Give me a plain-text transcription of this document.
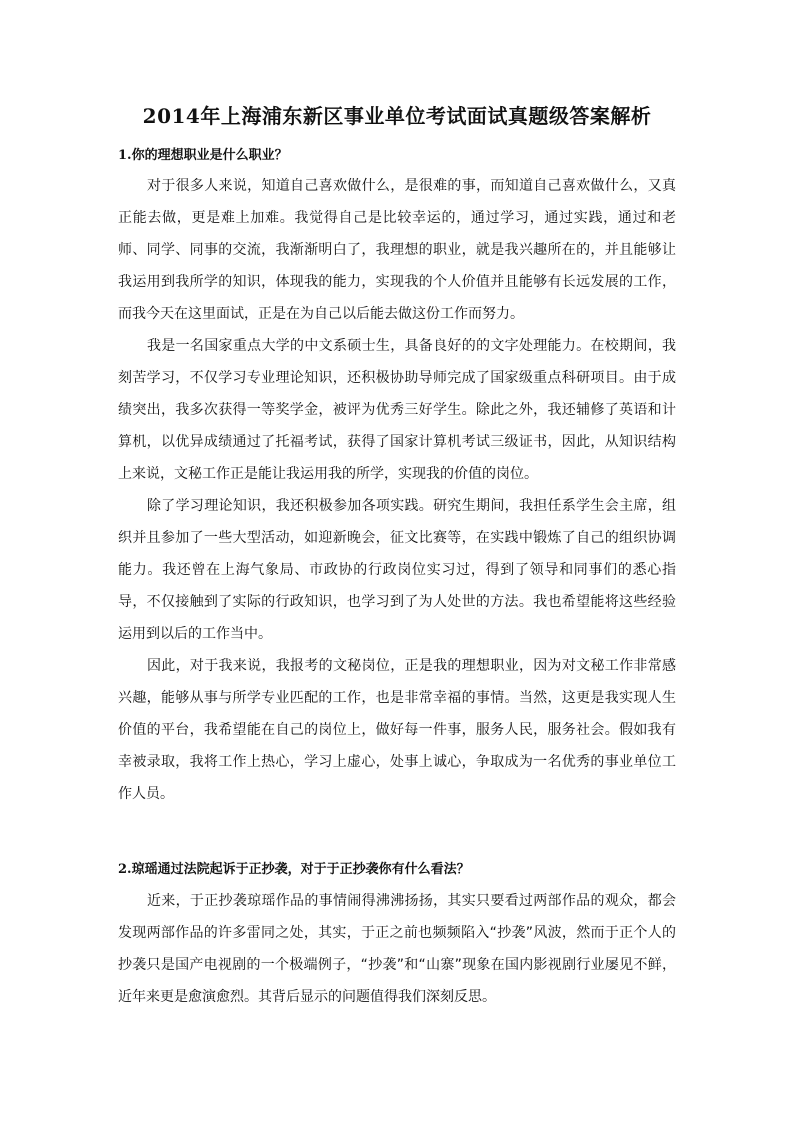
2014年上海浦东新区事业单位考试面试真题级答案解析
1.你的理想职业是什么职业？

对于很多人来说，知道自己喜欢做什么，是很难的事，而知道自己喜欢做什么，又真正能去做，更是难上加难。我觉得自己是比较幸运的，通过学习，通过实践，通过和老师、同学、同事的交流，我渐渐明白了，我理想的职业，就是我兴趣所在的，并且能够让我运用到我所学的知识，体现我的能力，实现我的个人价值并且能够有长远发展的工作，而我今天在这里面试，正是在为自己以后能去做这份工作而努力。

我是一名国家重点大学的中文系硕士生，具备良好的的文字处理能力。在校期间，我刻苦学习，不仅学习专业理论知识，还积极协助导师完成了国家级重点科研项目。由于成绩突出，我多次获得一等奖学金，被评为优秀三好学生。除此之外，我还辅修了英语和计算机，以优异成绩通过了托福考试，获得了国家计算机考试三级证书，因此，从知识结构上来说，文秘工作正是能让我运用我的所学，实现我的价值的岗位。

除了学习理论知识，我还积极参加各项实践。研究生期间，我担任系学生会主席，组织并且参加了一些大型活动，如迎新晚会，征文比赛等，在实践中锻炼了自己的组织协调能力。我还曾在上海气象局、市政协的行政岗位实习过，得到了领导和同事们的悉心指导，不仅接触到了实际的行政知识，也学习到了为人处世的方法。我也希望能将这些经验运用到以后的工作当中。

因此，对于我来说，我报考的文秘岗位，正是我的理想职业，因为对文秘工作非常感兴趣，能够从事与所学专业匹配的工作，也是非常幸福的事情。当然，这更是我实现人生价值的平台，我希望能在自己的岗位上，做好每一件事，服务人民，服务社会。假如我有幸被录取，我将工作上热心，学习上虚心，处事上诚心，争取成为一名优秀的事业单位工作人员。

2.琼瑶通过法院起诉于正抄袭，对于于正抄袭你有什么看法？

近来，于正抄袭琼瑶作品的事情闹得沸沸扬扬，其实只要看过两部作品的观众，都会发现两部作品的许多雷同之处，其实，于正之前也频频陷入“抄袭”风波，然而于正个人的抄袭只是国产电视剧的一个极端例子，“抄袭”和“山寨”现象在国内影视剧行业屡见不鲜，近年来更是愈演愈烈。其背后显示的问题值得我们深刻反思。
